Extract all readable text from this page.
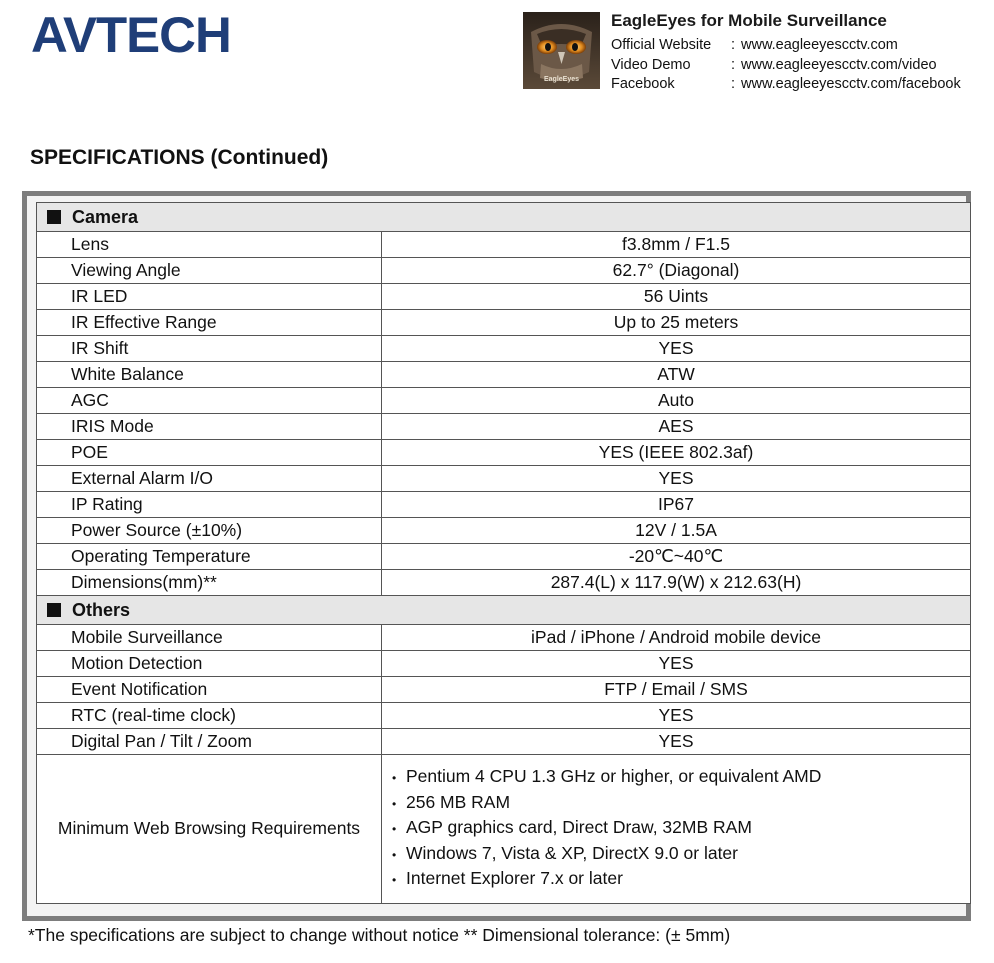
AVTECH
EagleEyes
EagleEyes for Mobile Surveillance
Official Website	: www.eagleeyescctv.com
Video Demo	: www.eagleeyescctv.com/video
Facebook	: www.eagleeyescctv.com/facebook
SPECIFICATIONS (Continued)
Camera	
Lens	f3.8mm / F1.5
Viewing Angle	62.7° (Diagonal)
IR LED	56 Uints
IR Effective Range	Up to 25 meters
IR Shift	YES
White Balance	ATW
AGC	Auto
IRIS Mode	AES
POE	YES (IEEE 802.3af)
External Alarm I/O	YES
IP Rating	IP67
Power Source (±10%)	12V / 1.5A
Operating Temperature	-20℃~40℃
Dimensions(mm)**	287.4(L) x 117.9(W) x 212.63(H)
Others	
Mobile Surveillance	iPad / iPhone / Android mobile device
Motion Detection	YES
Event Notification	FTP / Email / SMS
RTC (real-time clock)	YES
Digital Pan / Tilt / Zoom	YES
Minimum Web Browsing Requirements	• Pentium 4 CPU 1.3 GHz or higher, or equivalent AMD
• 256 MB RAM
• AGP graphics card, Direct Draw, 32MB RAM
• Windows 7, Vista & XP, DirectX 9.0 or later
• Internet Explorer 7.x or later
*The specifications are subject to change without notice ** Dimensional tolerance: (± 5mm)
